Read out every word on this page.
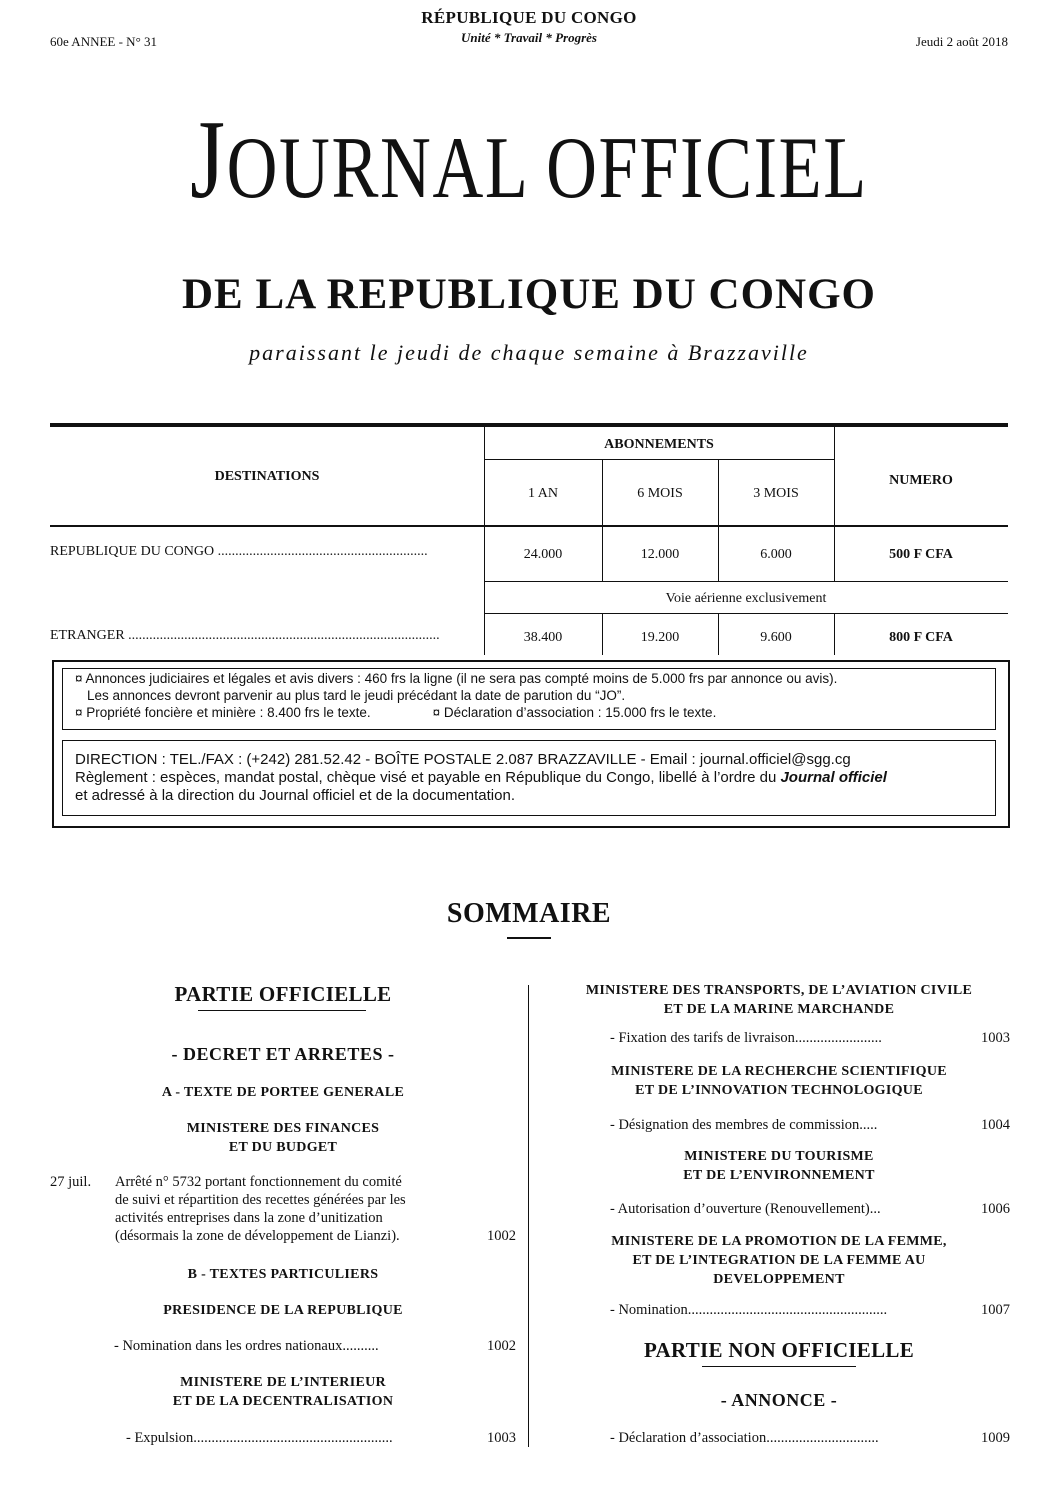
60e ANNEE - N° 31
RÉPUBLIQUE DU CONGO
Unité * Travail * Progrès	Jeudi 2 août 2018
JOURNAL OFFICIEL
DE LA REPUBLIQUE DU CONGO
paraissant le jeudi de chaque semaine à Brazzaville
DESTINATIONS
ABONNEMENTS
NUMERO
1 AN	6 MOIS	3 MOIS
REPUBLIQUE DU CONGO ............................................................	24.000	12.000	6.000	500 F CFA
Voie aérienne exclusivement
ETRANGER .........................................................................................	38.400	19.200	9.600	800 F CFA
¤ Annonces judiciaires et légales et avis divers : 460 frs la ligne (il ne sera pas compté moins de 5.000 frs par annonce ou avis).
Les annonces devront parvenir au plus tard le jeudi précédant la date de parution du “JO”.
¤ Propriété foncière et minière : 8.400 frs le texte.	¤ Déclaration d’association : 15.000 frs le texte.
DIRECTION : TEL./FAX : (+242) 281.52.42 - BOÎTE POSTALE 2.087 BRAZZAVILLE - Email : journal.officiel@sgg.cg
Règlement : espèces, mandat postal, chèque visé et payable en République du Congo, libellé à l’ordre du Journal officiel
et adressé à la direction du Journal officiel et de la documentation.
SOMMAIRE
PARTIE OFFICIELLE
- DECRET ET ARRETES -
A - TEXTE DE PORTEE GENERALE
MINISTERE DES FINANCES
ET DU BUDGET
27 juil. Arrêté n° 5732 portant fonctionnement du comité
de suivi et répartition des recettes générées par les
activités entreprises dans la zone d’unitization
(désormais la zone de développement de Lianzi).	1002
B - TEXTES PARTICULIERS
PRESIDENCE DE LA REPUBLIQUE
- Nomination dans les ordres nationaux..........	1002
MINISTERE DE L’INTERIEUR
ET DE LA DECENTRALISATION
- Expulsion.......................................................	1003
MINISTERE DES TRANSPORTS, DE L’AVIATION CIVILE
ET DE LA MARINE MARCHANDE
- Fixation des tarifs de livraison........................	1003
MINISTERE DE LA RECHERCHE SCIENTIFIQUE
ET DE L’INNOVATION TECHNOLOGIQUE
- Désignation des membres de commission.....	1004
MINISTERE DU TOURISME
ET DE L’ENVIRONNEMENT
- Autorisation d’ouverture (Renouvellement)...	1006
MINISTERE DE LA PROMOTION DE LA FEMME,
ET DE L’INTEGRATION DE LA FEMME AU
DEVELOPPEMENT
- Nomination.......................................................	1007
PARTIE NON OFFICIELLE
- ANNONCE -
- Déclaration d’association...............................	1009
